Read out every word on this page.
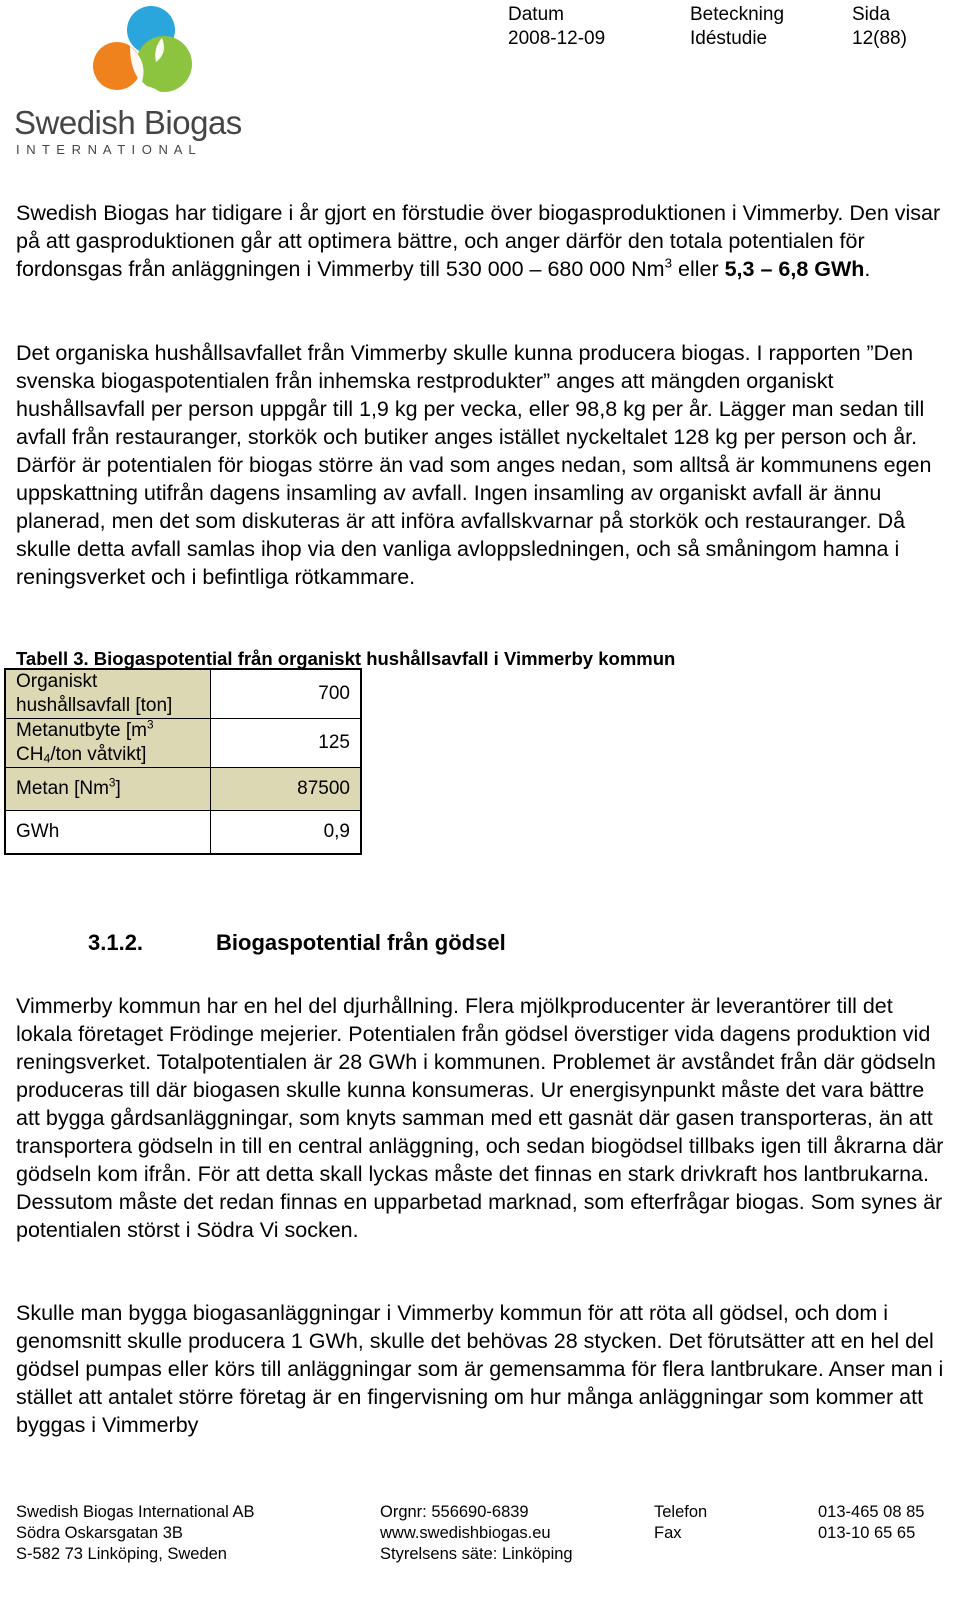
Swedish Biogas
I N T E R N A T I O N A L
Datum
2008-12-09
Beteckning
Idéstudie
Sida
12(88)

Swedish Biogas har tidigare i år gjort en förstudie över biogasproduktionen i Vimmerby. Den visar på att gasproduktionen går att optimera bättre, och anger därför den totala potentialen för fordonsgas från anläggningen i Vimmerby till 530 000 – 680 000 Nm$^3$ eller 5,3 – 6,8 GWh.

Det organiska hushållsavfallet från Vimmerby skulle kunna producera biogas. I rapporten ”Den svenska biogaspotentialen från inhemska restprodukter” anges att mängden organiskt hushållsavfall per person uppgår till 1,9 kg per vecka, eller 98,8 kg per år. Lägger man sedan till avfall från restauranger, storkök och butiker anges istället nyckeltalet 128 kg per person och år. Därför är potentialen för biogas större än vad som anges nedan, som alltså är kommunens egen uppskattning utifrån dagens insamling av avfall. Ingen insamling av organiskt avfall är ännu planerad, men det som diskuteras är att införa avfallskvarnar på storkök och restauranger. Då skulle detta avfall samlas ihop via den vanliga avloppsledningen, och så småningom hamna i reningsverket och i befintliga rötkammare.

Tabell 3. Biogaspotential från organiskt hushållsavfall i Vimmerby kommun
Organiskt
hushållsavfall [ton]	700
Metanutbyte [$m^3$
$CH_4$/ton våtvikt]	125
Metan [Nm$^3$]	87500
GWh	0,9
3.1.2.	Biogaspotential från gödsel

Vimmerby kommun har en hel del djurhållning. Flera mjölkproducenter är leverantörer till det lokala företaget Frödinge mejerier. Potentialen från gödsel överstiger vida dagens produktion vid reningsverket. Totalpotentialen är 28 GWh i kommunen. Problemet är avståndet från där gödseln produceras till där biogasen skulle kunna konsumeras. Ur energisynpunkt måste det vara bättre att bygga gårdsanläggningar, som knyts samman med ett gasnät där gasen transporteras, än att transportera gödseln in till en central anläggning, och sedan biogödsel tillbaks igen till åkrarna där gödseln kom ifrån. För att detta skall lyckas måste det finnas en stark drivkraft hos lantbrukarna. Dessutom måste det redan finnas en upparbetad marknad, som efterfrågar biogas. Som synes är potentialen störst i Södra Vi socken.

Skulle man bygga biogasanläggningar i Vimmerby kommun för att röta all gödsel, och dom i genomsnitt skulle producera 1 GWh, skulle det behövas 28 stycken. Det förutsätter att en hel del gödsel pumpas eller körs till anläggningar som är gemensamma för flera lantbrukare. Anser man i stället att antalet större företag är en fingervisning om hur många anläggningar som kommer att byggas i Vimmerby

Swedish Biogas International AB
Södra Oskarsgatan 3B
S-582 73 Linköping, Sweden
Orgnr: 556690-6839
www.swedishbiogas.eu
Styrelsens säte: Linköping
Telefon
Fax
013-465 08 85
013-10 65 65
